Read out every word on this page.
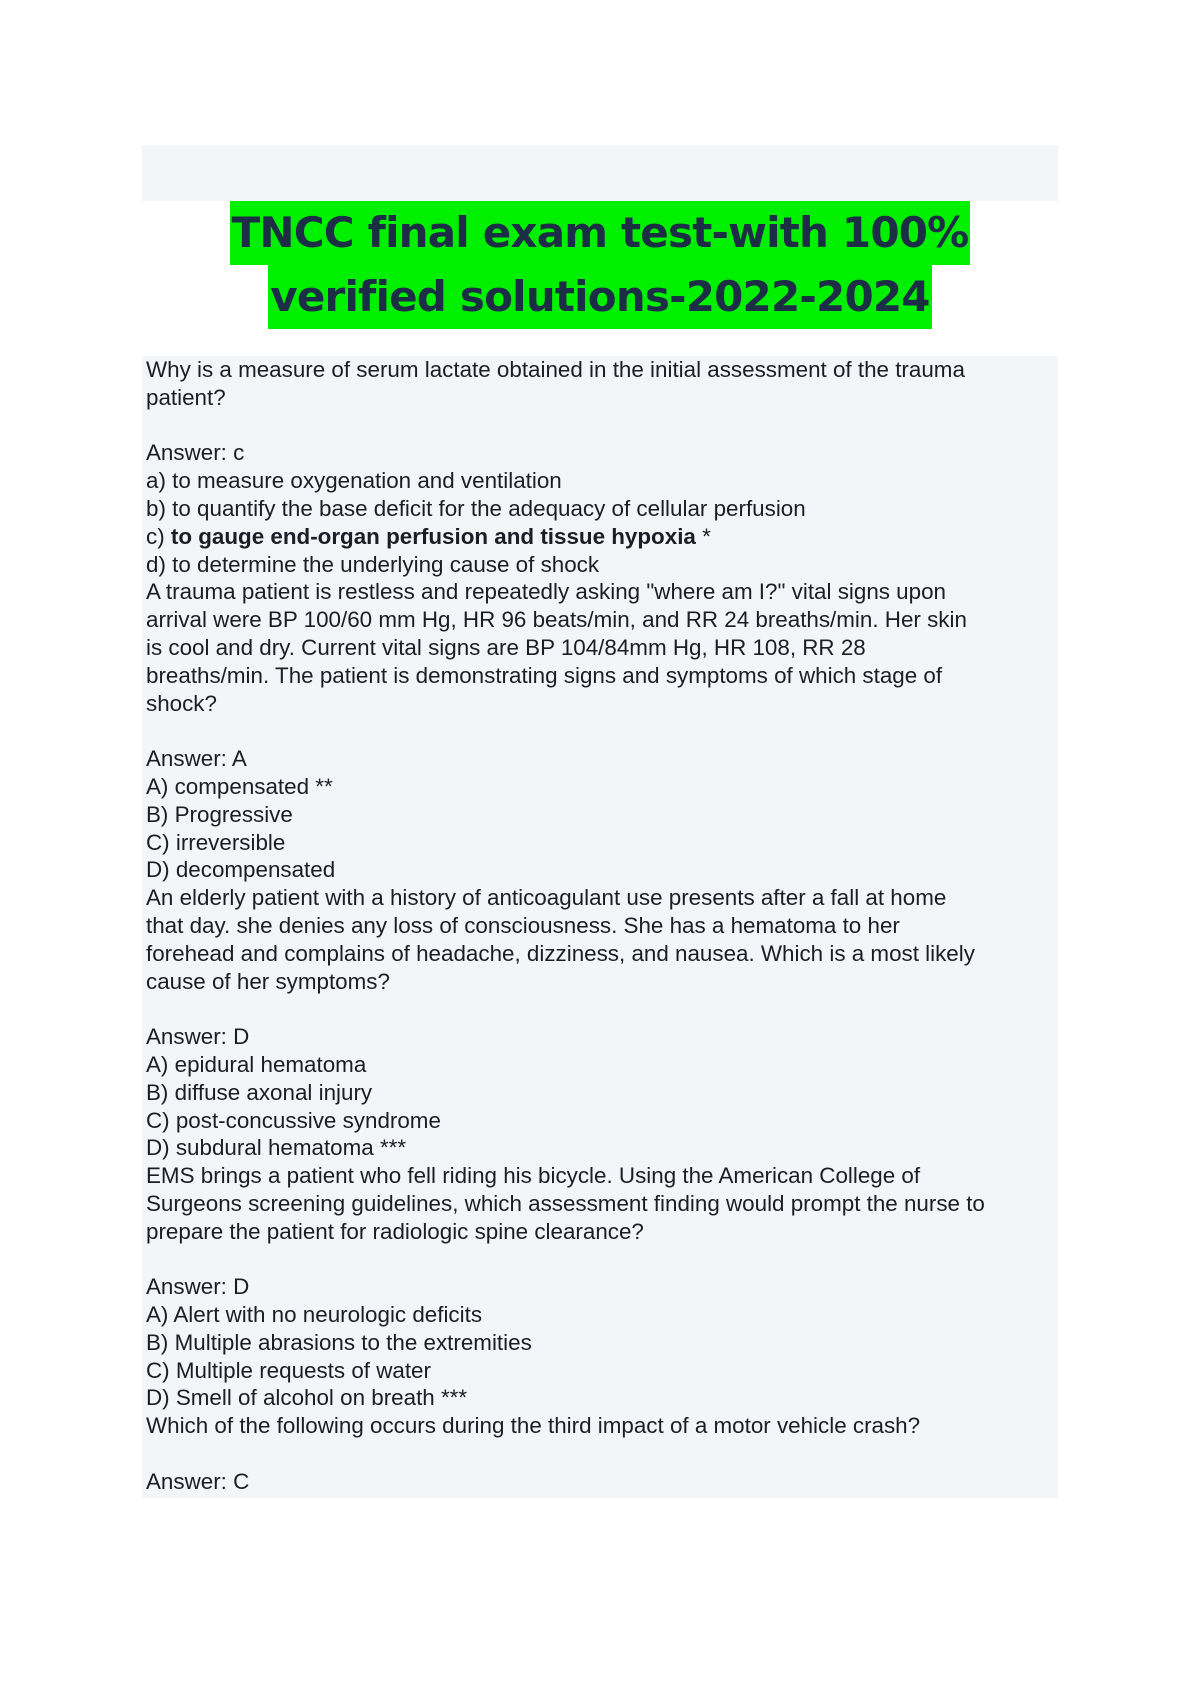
TNCC final exam test-with 100%
verified solutions-2022-2024
Why is a measure of serum lactate obtained in the initial assessment of the trauma
patient?
Answer: c
a) to measure oxygenation and ventilation
b) to quantify the base deficit for the adequacy of cellular perfusion
c) to gauge end-organ perfusion and tissue hypoxia *
d) to determine the underlying cause of shock
A trauma patient is restless and repeatedly asking "where am I?" vital signs upon
arrival were BP 100/60 mm Hg, HR 96 beats/min, and RR 24 breaths/min. Her skin
is cool and dry. Current vital signs are BP 104/84mm Hg, HR 108, RR 28
breaths/min. The patient is demonstrating signs and symptoms of which stage of
shock?
Answer: A
A) compensated **
B) Progressive
C) irreversible
D) decompensated
An elderly patient with a history of anticoagulant use presents after a fall at home
that day. she denies any loss of consciousness. She has a hematoma to her
forehead and complains of headache, dizziness, and nausea. Which is a most likely
cause of her symptoms?
Answer: D
A) epidural hematoma
B) diffuse axonal injury
C) post-concussive syndrome
D) subdural hematoma ***
EMS brings a patient who fell riding his bicycle. Using the American College of
Surgeons screening guidelines, which assessment finding would prompt the nurse to
prepare the patient for radiologic spine clearance?
Answer: D
A) Alert with no neurologic deficits
B) Multiple abrasions to the extremities
C) Multiple requests of water
D) Smell of alcohol on breath ***
Which of the following occurs during the third impact of a motor vehicle crash?
Answer: C
